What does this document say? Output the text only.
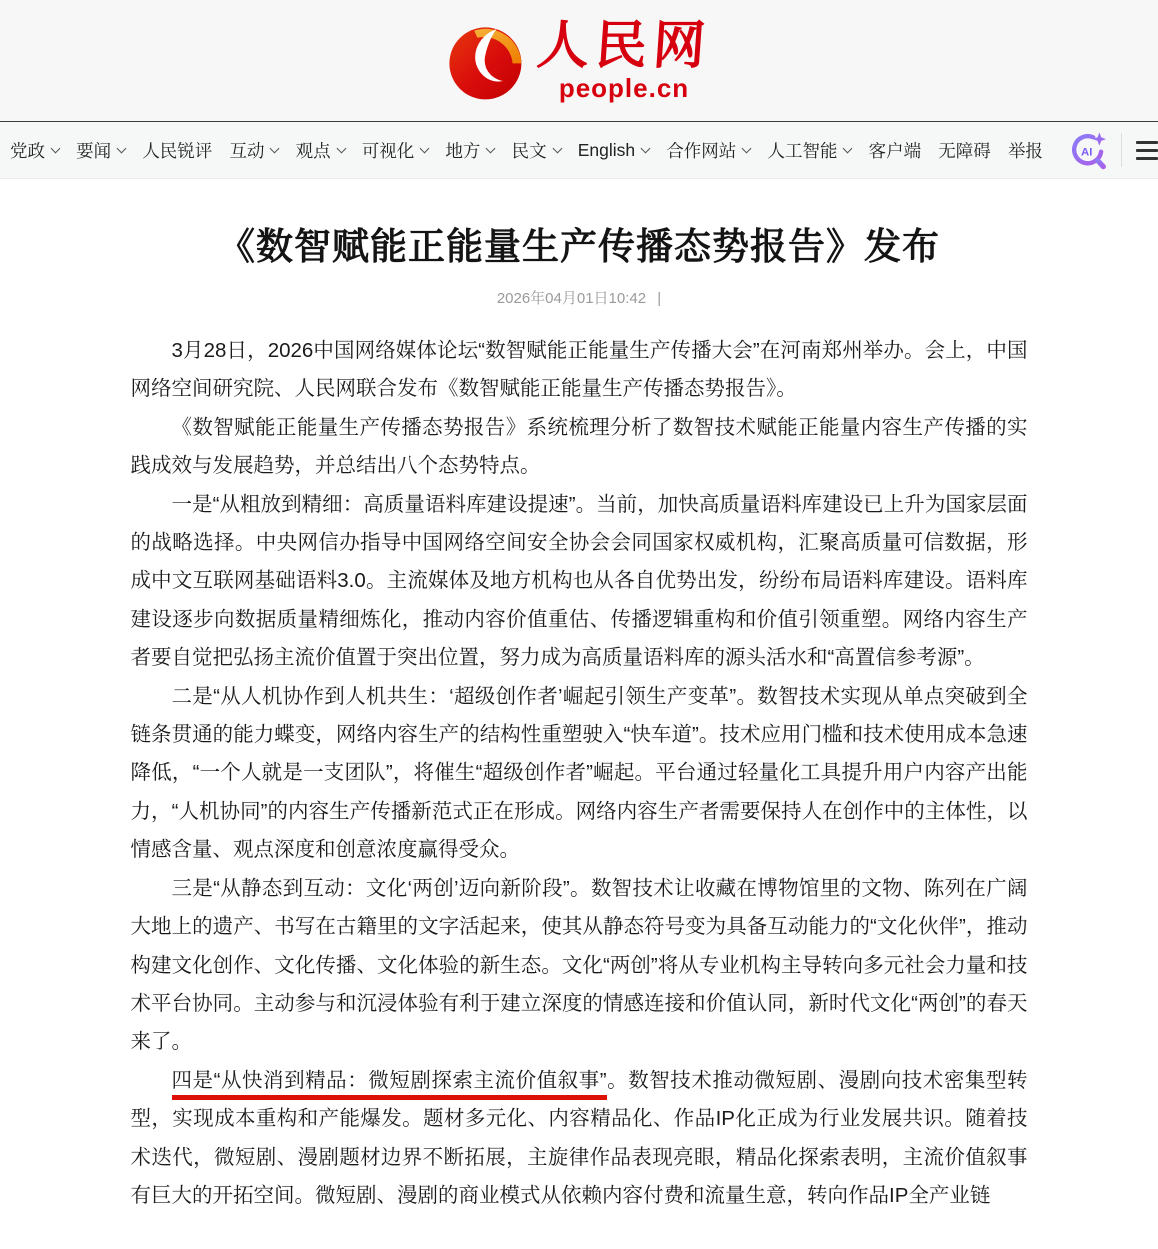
人民网
people.cn
党政 要闻 人民锐评 互动 观点 可视化 地方 民文 English 合作网站 人工智能 客户端 无障碍 举报	AI
《数智赋能正能量生产传播态势报告》发布
2026年04月01日10:42 |

3月28日，2026中国网络媒体论坛“数智赋能正能量生产传播大会”在河南郑州举办。会上，中国网络空间研究院、人民网联合发布《数智赋能正能量生产传播态势报告》。

《数智赋能正能量生产传播态势报告》系统梳理分析了数智技术赋能正能量内容生产传播的实践成效与发展趋势，并总结出八个态势特点。

一是“从粗放到精细：高质量语料库建设提速”。当前，加快高质量语料库建设已上升为国家层面的战略选择。中央网信办指导中国网络空间安全协会会同国家权威机构，汇聚高质量可信数据，形成中文互联网基础语料3.0。主流媒体及地方机构也从各自优势出发，纷纷布局语料库建设。语料库建设逐步向数据质量精细炼化，推动内容价值重估、传播逻辑重构和价值引领重塑。网络内容生产者要自觉把弘扬主流价值置于突出位置，努力成为高质量语料库的源头活水和“高置信参考源”。

二是“从人机协作到人机共生：‘超级创作者’崛起引领生产变革”。数智技术实现从单点突破到全链条贯通的能力蝶变，网络内容生产的结构性重塑驶入“快车道”。技术应用门槛和技术使用成本急速降低，“一个人就是一支团队”，将催生“超级创作者”崛起。平台通过轻量化工具提升用户内容产出能力，“人机协同”的内容生产传播新范式正在形成。网络内容生产者需要保持人在创作中的主体性，以情感含量、观点深度和创意浓度赢得受众。

三是“从静态到互动：文化‘两创’迈向新阶段”。数智技术让收藏在博物馆里的文物、陈列在广阔大地上的遗产、书写在古籍里的文字活起来，使其从静态符号变为具备互动能力的“文化伙伴”，推动构建文化创作、文化传播、文化体验的新生态。文化“两创”将从专业机构主导转向多元社会力量和技术平台协同。主动参与和沉浸体验有利于建立深度的情感连接和价值认同，新时代文化“两创”的春天来了。

四是“从快消到精品：微短剧探索主流价值叙事”。数智技术推动微短剧、漫剧向技术密集型转型，实现成本重构和产能爆发。题材多元化、内容精品化、作品IP化正成为行业发展共识。随着技术迭代，微短剧、漫剧题材边界不断拓展，主旋律作品表现亮眼，精品化探索表明，主流价值叙事有巨大的开拓空间。微短剧、漫剧的商业模式从依赖内容付费和流量生意，转向作品IP全产业链
